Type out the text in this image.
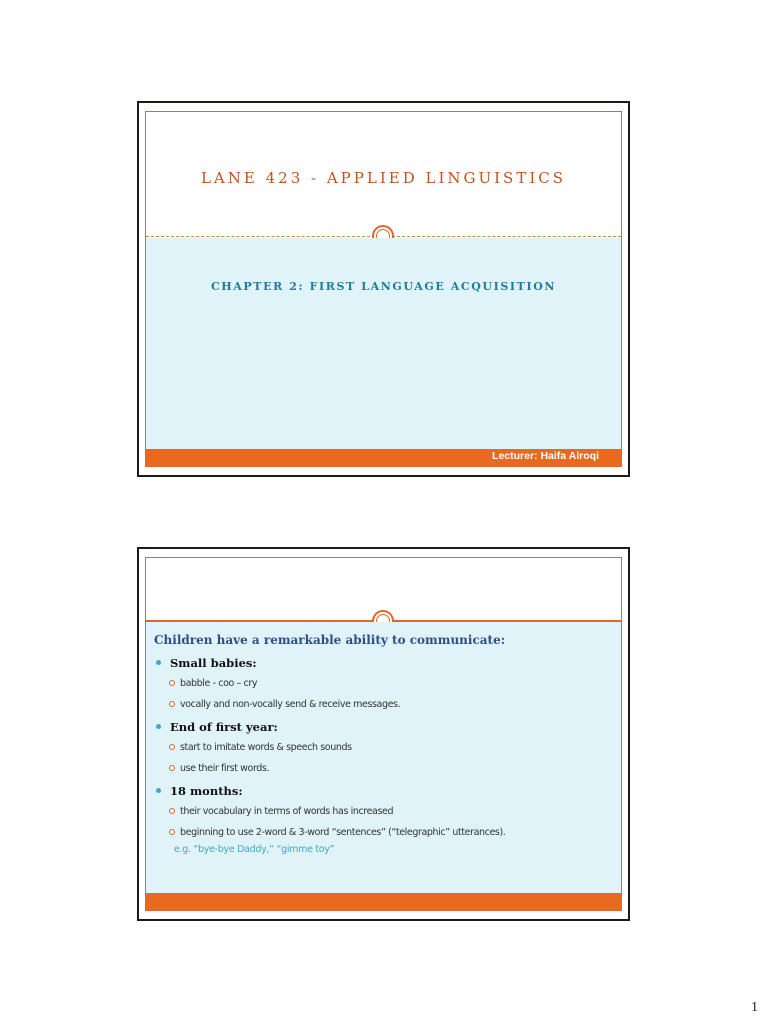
LANE 423 - APPLIED LINGUISTICS
CHAPTER 2: FIRST LANGUAGE ACQUISITION
Lecturer: Haifa Alroqi
Children have a remarkable ability to communicate:
Small babies:
babble - coo – cry
vocally and non-vocally send & receive messages.
End of first year:
start to imitate words & speech sounds
use their first words.
18 months:
their vocabulary in terms of words has increased
beginning to use 2-word & 3-word “sentences” (“telegraphic” utterances).
e.g. “bye-bye Daddy,” “gimme toy”
1
